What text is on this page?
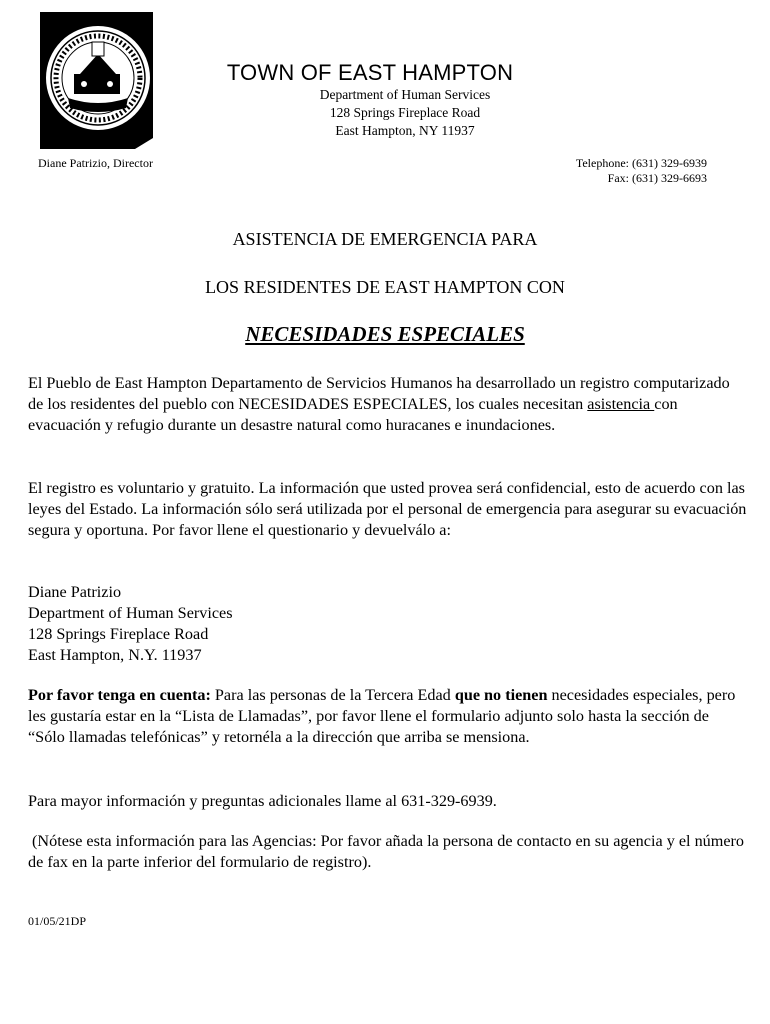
TOWN OF EAST HAMPTON
Department of Human Services
128 Springs Fireplace Road
East Hampton, NY 11937
Diane Patrizio, Director	Telephone: (631) 329-6939
Fax: (631) 329-6693
ASISTENCIA DE EMERGENCIA PARA
LOS RESIDENTES DE EAST HAMPTON CON
NECESIDADES ESPECIALES
El Pueblo de East Hampton Departamento de Servicios Humanos ha desarrollado un registro computarizado de los residentes del pueblo con NECESIDADES ESPECIALES, los cuales necesitan asistencia con evacuación y refugio durante un desastre natural como huracanes e inundaciones.
El registro es voluntario y gratuito. La información que usted provea será confidencial, esto de acuerdo con las leyes del Estado. La información sólo será utilizada por el personal de emergencia para asegurar su evacuación segura y oportuna. Por favor llene el questionario y devuelválo a:
Diane Patrizio
Department of Human Services
128 Springs Fireplace Road
East Hampton, N.Y. 11937
Por favor tenga en cuenta: Para las personas de la Tercera Edad que no tienen necesidades especiales, pero les gustaría estar en la “Lista de Llamadas”, por favor llene el formulario adjunto solo hasta la sección de “Sólo llamadas telefónicas” y retornéla a la dirección que arriba se mensiona.
Para mayor información y preguntas adicionales llame al 631-329-6939.
(Nótese esta información para las Agencias: Por favor añada la persona de contacto en su agencia y el número de fax en la parte inferior del formulario de registro).
01/05/21DP
